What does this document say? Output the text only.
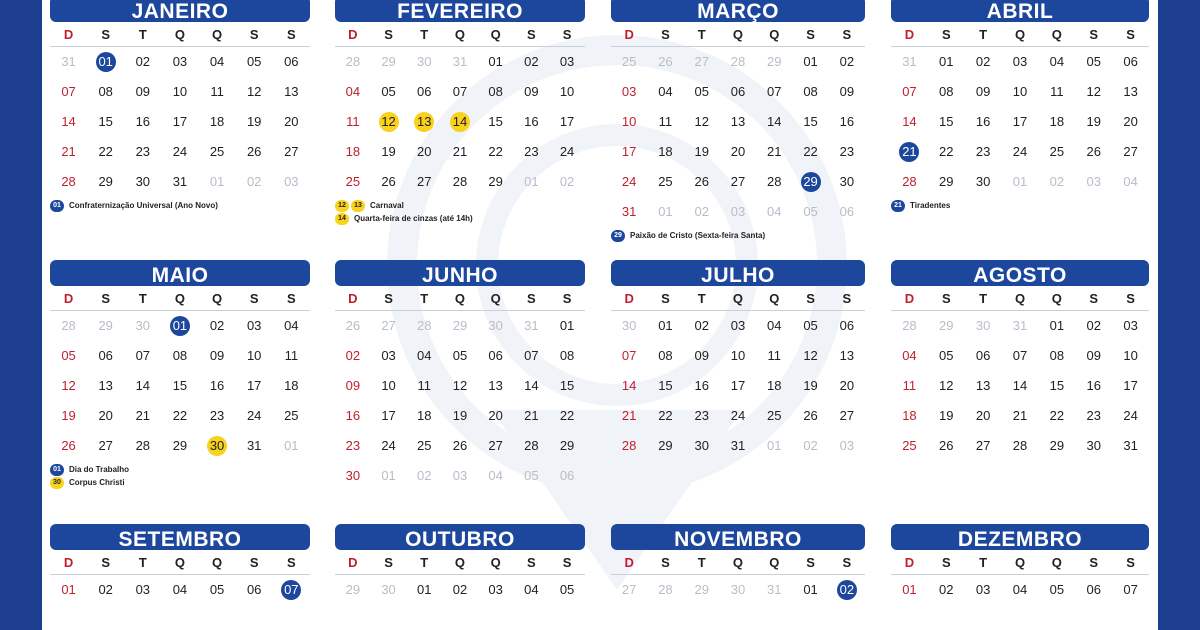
JANEIRO
D	S	T	Q	Q	S	S
31 01 02 03 04 05 06
07 08 09 10 11 12 13
14 15 16 17 18 19 20
21 22 23 24 25 26 27
28 29 30 31 01 02 03
01	Confraternização Universal (Ano Novo)
FEVEREIRO
D	S	T	Q	Q	S	S
28 29 30 31 01 02 03
04 05 06 07 08 09 10
11 12 13 14 15 16 17
18 19 20 21 22 23 24
25 26 27 28 29 01 02
12	13	Carnaval
14	Quarta-feira de cinzas (até 14h)
MARÇO
D	S	T	Q	Q	S	S
25 26 27 28 29 01 02
03 04 05 06 07 08 09
10 11 12 13 14 15 16
17 18 19 20 21 22 23
24 25 26 27 28 29 30
31 01 02 03 04 05 06
29	Paixão de Cristo (Sexta-feira Santa)
ABRIL
D	S	T	Q	Q	S	S
31 01 02 03 04 05 06
07 08 09 10 11 12 13
14 15 16 17 18 19 20
21 22 23 24 25 26 27
28 29 30 01 02 03 04
21	Tiradentes
MAIO
D	S	T	Q	Q	S	S
28 29 30 01 02 03 04
05 06 07 08 09 10 11
12 13 14 15 16 17 18
19 20 21 22 23 24 25
26 27 28 29 30 31 01
01	Dia do Trabalho
30	Corpus Christi
JUNHO
D	S	T	Q	Q	S	S
26 27 28 29 30 31 01
02 03 04 05 06 07 08
09 10 11 12 13 14 15
16 17 18 19 20 21 22
23 24 25 26 27 28 29
30 01 02 03 04 05 06
JULHO
D	S	T	Q	Q	S	S
30 01 02 03 04 05 06
07 08 09 10 11 12 13
14 15 16 17 18 19 20
21 22 23 24 25 26 27
28 29 30 31 01 02 03
AGOSTO
D	S	T	Q	Q	S	S
28 29 30 31 01 02 03
04 05 06 07 08 09 10
11 12 13 14 15 16 17
18 19 20 21 22 23 24
25 26 27 28 29 30 31
SETEMBRO
D	S	T	Q	Q	S	S
01 02 03 04 05 06 07
OUTUBRO
D	S	T	Q	Q	S	S
29 30 01 02 03 04 05
NOVEMBRO
D	S	T	Q	Q	S	S
27 28 29 30 31 01 02
DEZEMBRO
D	S	T	Q	Q	S	S
01 02 03 04 05 06 07
